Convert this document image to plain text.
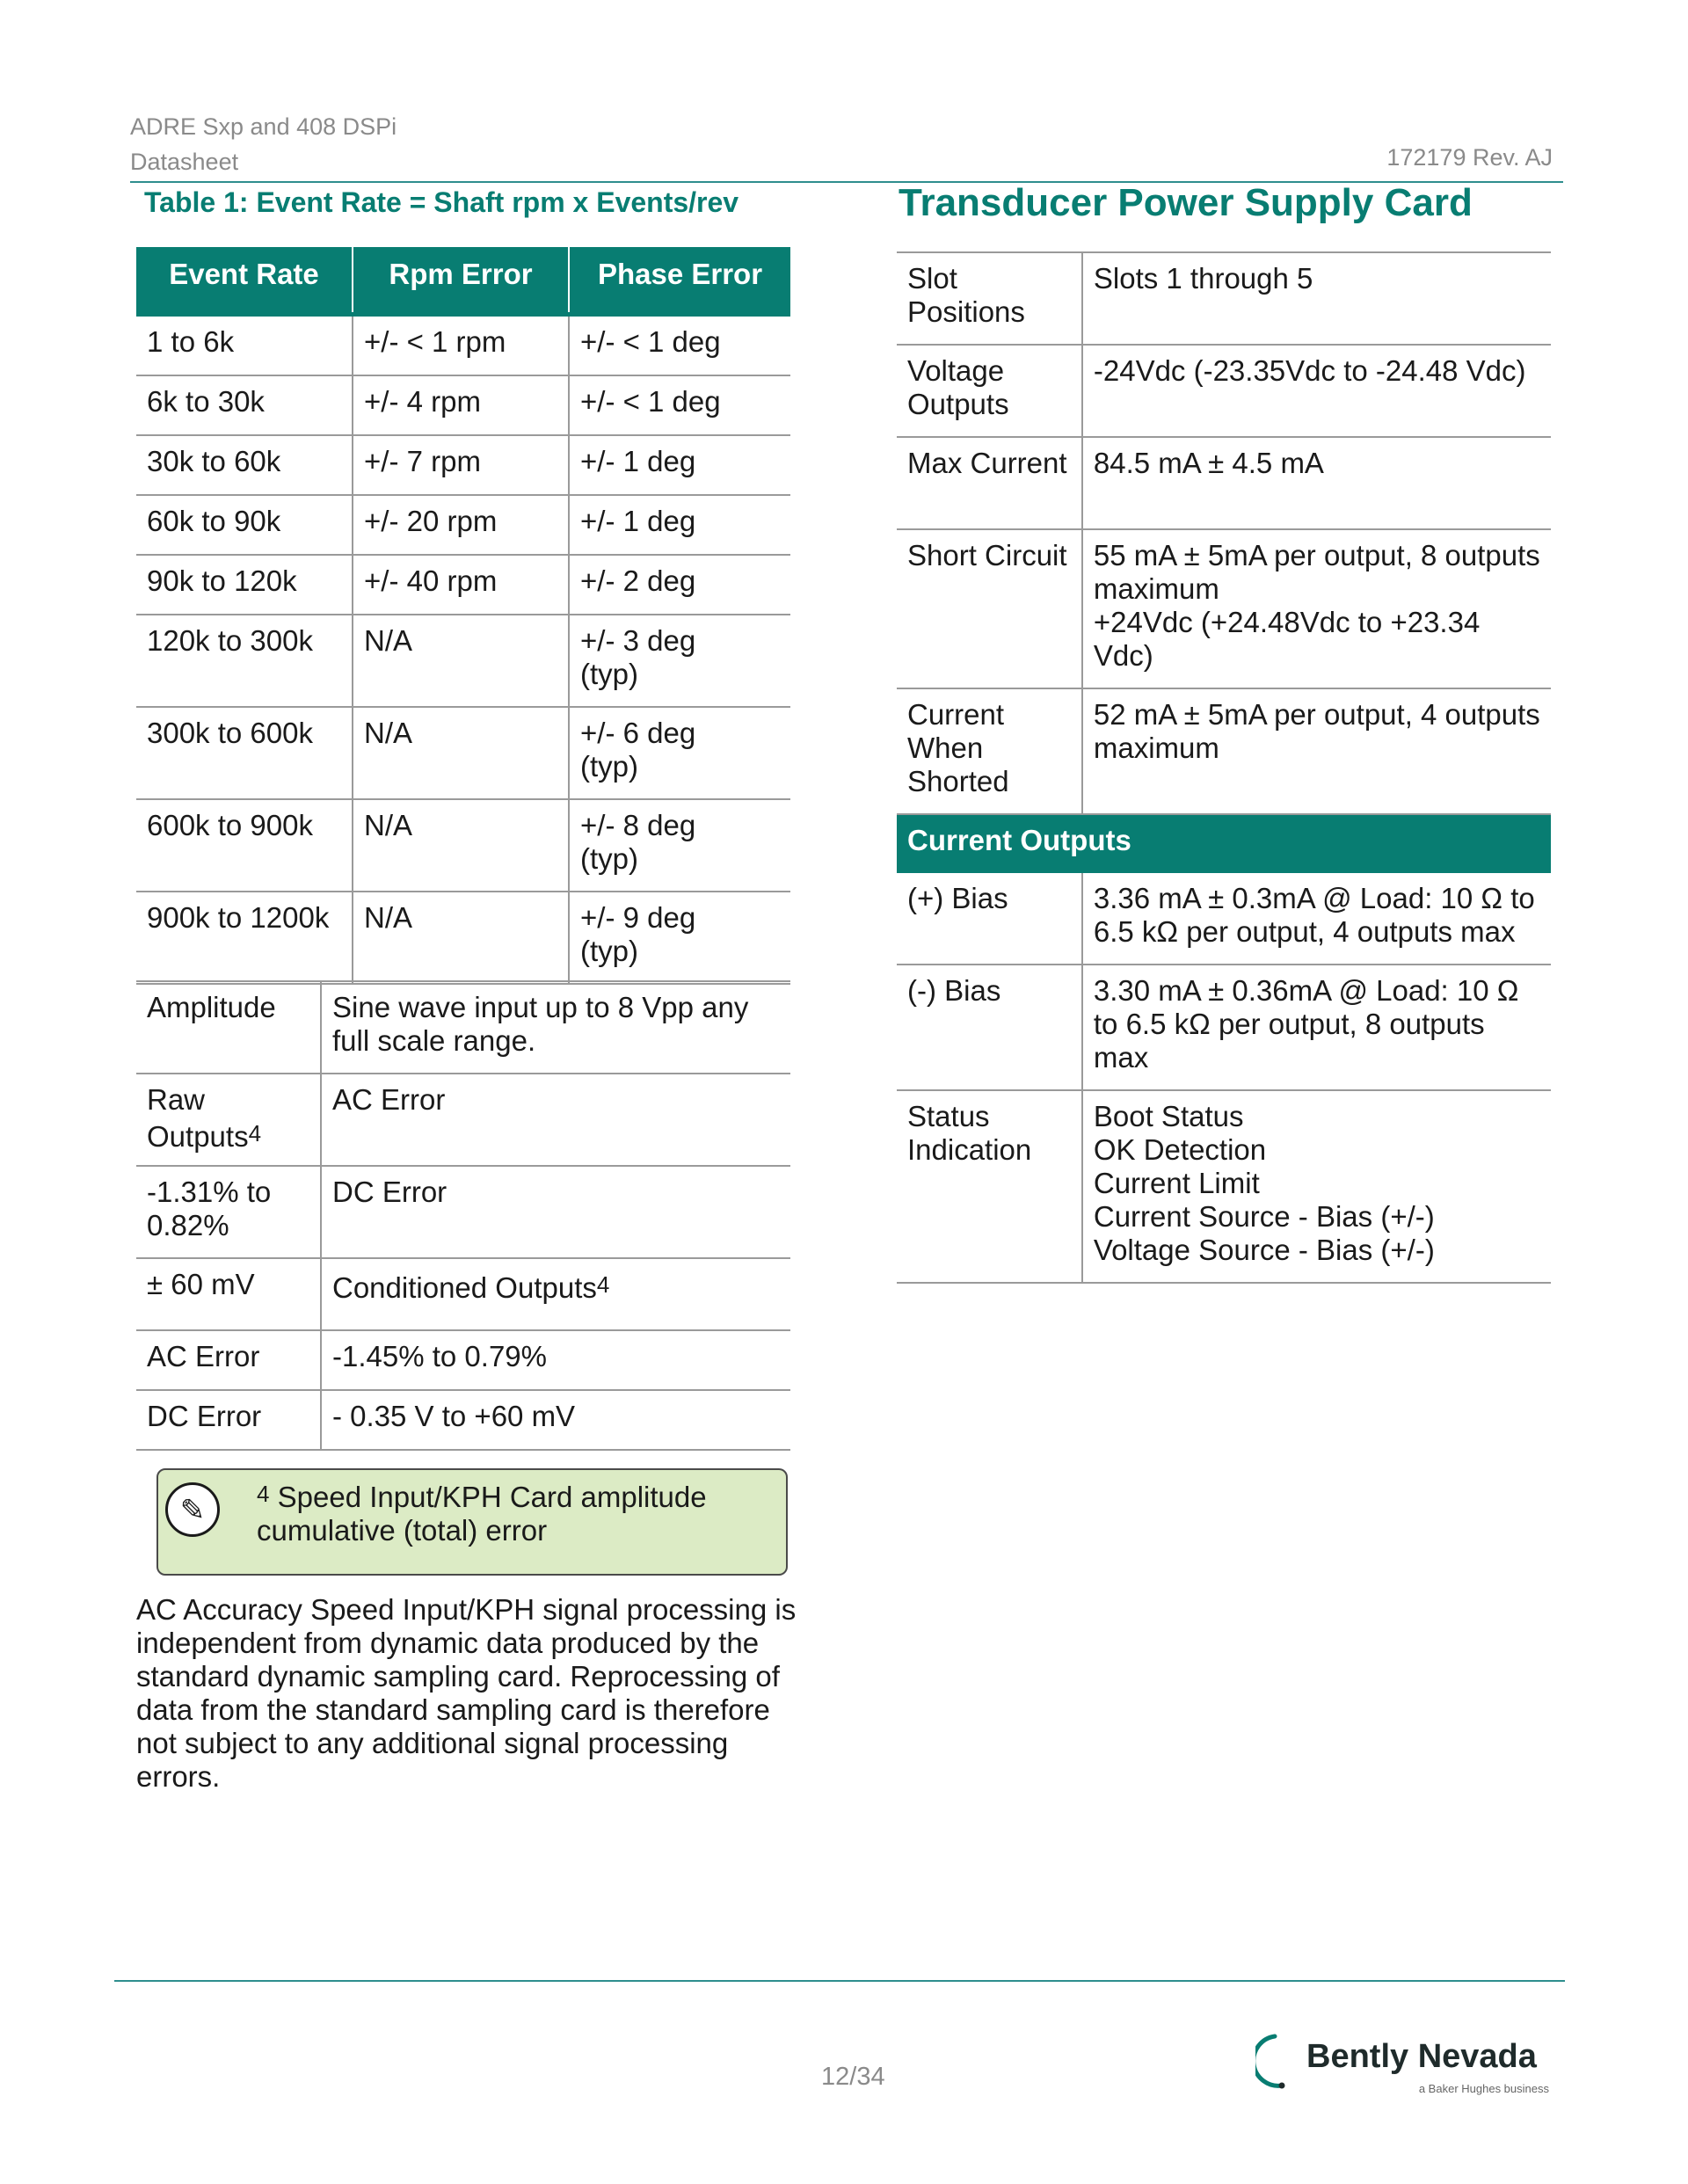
ADRE Sxp and 408 DSPi
Datasheet	172179 Rev. AJ
Table 1: Event Rate = Shaft rpm x Events/rev
Event Rate	Rpm Error	Phase Error
1 to 6k	+/- < 1 rpm	+/- < 1 deg
6k to 30k	+/- 4 rpm	+/- < 1 deg
30k to 60k	+/- 7 rpm	+/- 1 deg
60k to 90k	+/- 20 rpm	+/- 1 deg
90k to 120k	+/- 40 rpm	+/- 2 deg
120k to 300k	N/A	+/- 3 deg
(typ)
300k to 600k	N/A	+/- 6 deg
(typ)
600k to 900k	N/A	+/- 8 deg
(typ)
900k to 1200k	N/A	+/- 9 deg
(typ)
Amplitude	Sine wave input up to 8 Vpp any full scale range.
Raw Outputs$^4$	AC Error
-1.31% to 0.82%	DC Error
± 60 mV	Conditioned Outputs$^4$
AC Error	-1.45% to 0.79%
DC Error	- 0.35 V to +60 mV
✎	$^4$ Speed Input/KPH Card amplitude cumulative (total) error
AC Accuracy Speed Input/KPH signal processing is independent from dynamic data produced by the standard dynamic sampling card. Reprocessing of data from the standard sampling card is therefore not subject to any additional signal processing errors.
Transducer Power Supply Card
Slot Positions	Slots 1 through 5
Voltage Outputs	-24Vdc (-23.35Vdc to -24.48 Vdc)
Max Current	84.5 mA ± 4.5 mA
Short Circuit	55 mA ± 5mA per output, 8 outputs maximum
+24Vdc (+24.48Vdc to +23.34 Vdc)
Current When Shorted	52 mA ± 5mA per output, 4 outputs maximum
Current Outputs	
(+) Bias	3.36 mA ± 0.3mA @ Load: 10 Ω to 6.5 kΩ per output, 4 outputs max
(-) Bias	3.30 mA ± 0.36mA @ Load: 10 Ω to 6.5 kΩ per output, 8 outputs max
Status Indication	Boot Status
OK Detection
Current Limit
Current Source - Bias (+/-)
Voltage Source - Bias (+/-)
12/34
Bently Nevada
a Baker Hughes business
